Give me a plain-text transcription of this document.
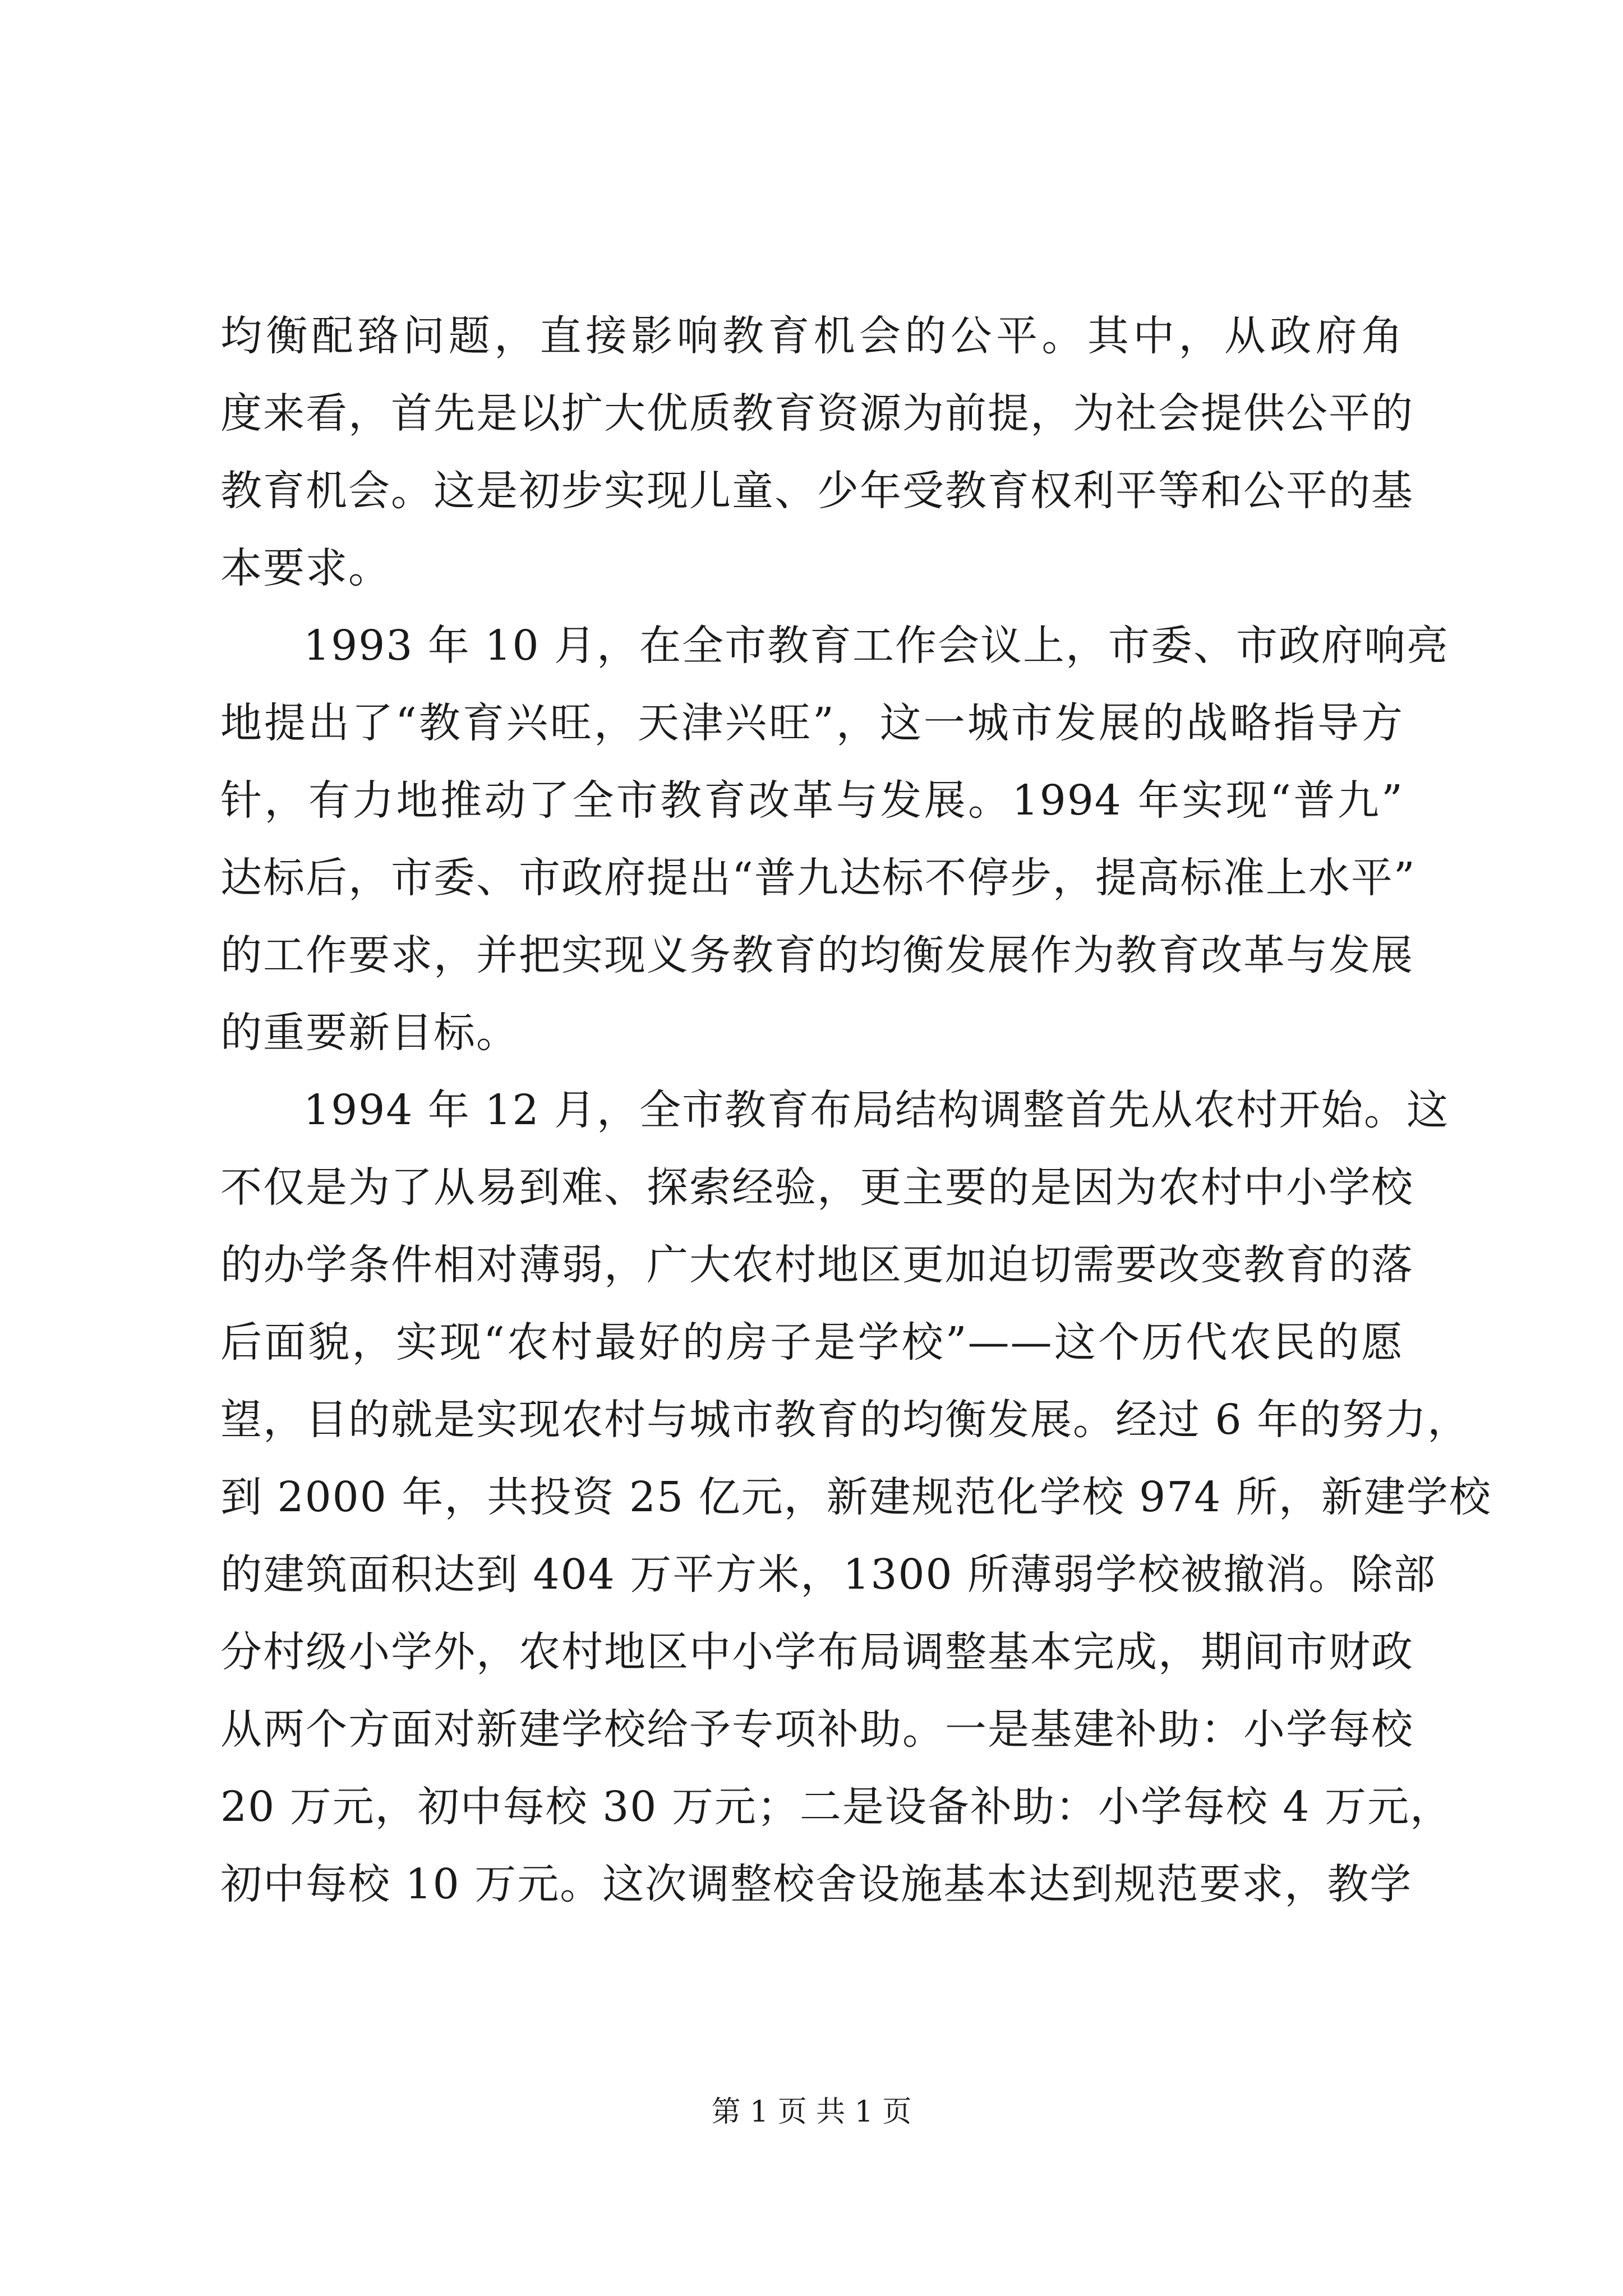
均衡配臵问题，直接影响教育机会的公平。其中，从政府角
度来看，首先是以扩大优质教育资源为前提，为社会提供公平的
教育机会。这是初步实现儿童、少年受教育权利平等和公平的基
本要求。
1993 年 10 月，在全市教育工作会议上，市委、市政府响亮
地提出了“教育兴旺，天津兴旺”，这一城市发展的战略指导方
针，有力地推动了全市教育改革与发展。1994 年实现“普九”
达标后，市委、市政府提出“普九达标不停步，提高标准上水平”
的工作要求，并把实现义务教育的均衡发展作为教育改革与发展
的重要新目标。
1994 年 12 月，全市教育布局结构调整首先从农村开始。这
不仅是为了从易到难、探索经验，更主要的是因为农村中小学校
的办学条件相对薄弱，广大农村地区更加迫切需要改变教育的落
后面貌，实现“农村最好的房子是学校”——这个历代农民的愿
望，目的就是实现农村与城市教育的均衡发展。经过 6 年的努力，
到 2000 年，共投资 25 亿元，新建规范化学校 974 所，新建学校
的建筑面积达到 404 万平方米，1300 所薄弱学校被撤消。除部
分村级小学外，农村地区中小学布局调整基本完成，期间市财政
从两个方面对新建学校给予专项补助。一是基建补助：小学每校
20 万元，初中每校 30 万元；二是设备补助：小学每校 4 万元，
初中每校 10 万元。这次调整校舍设施基本达到规范要求，教学
第 1 页 共 1 页
